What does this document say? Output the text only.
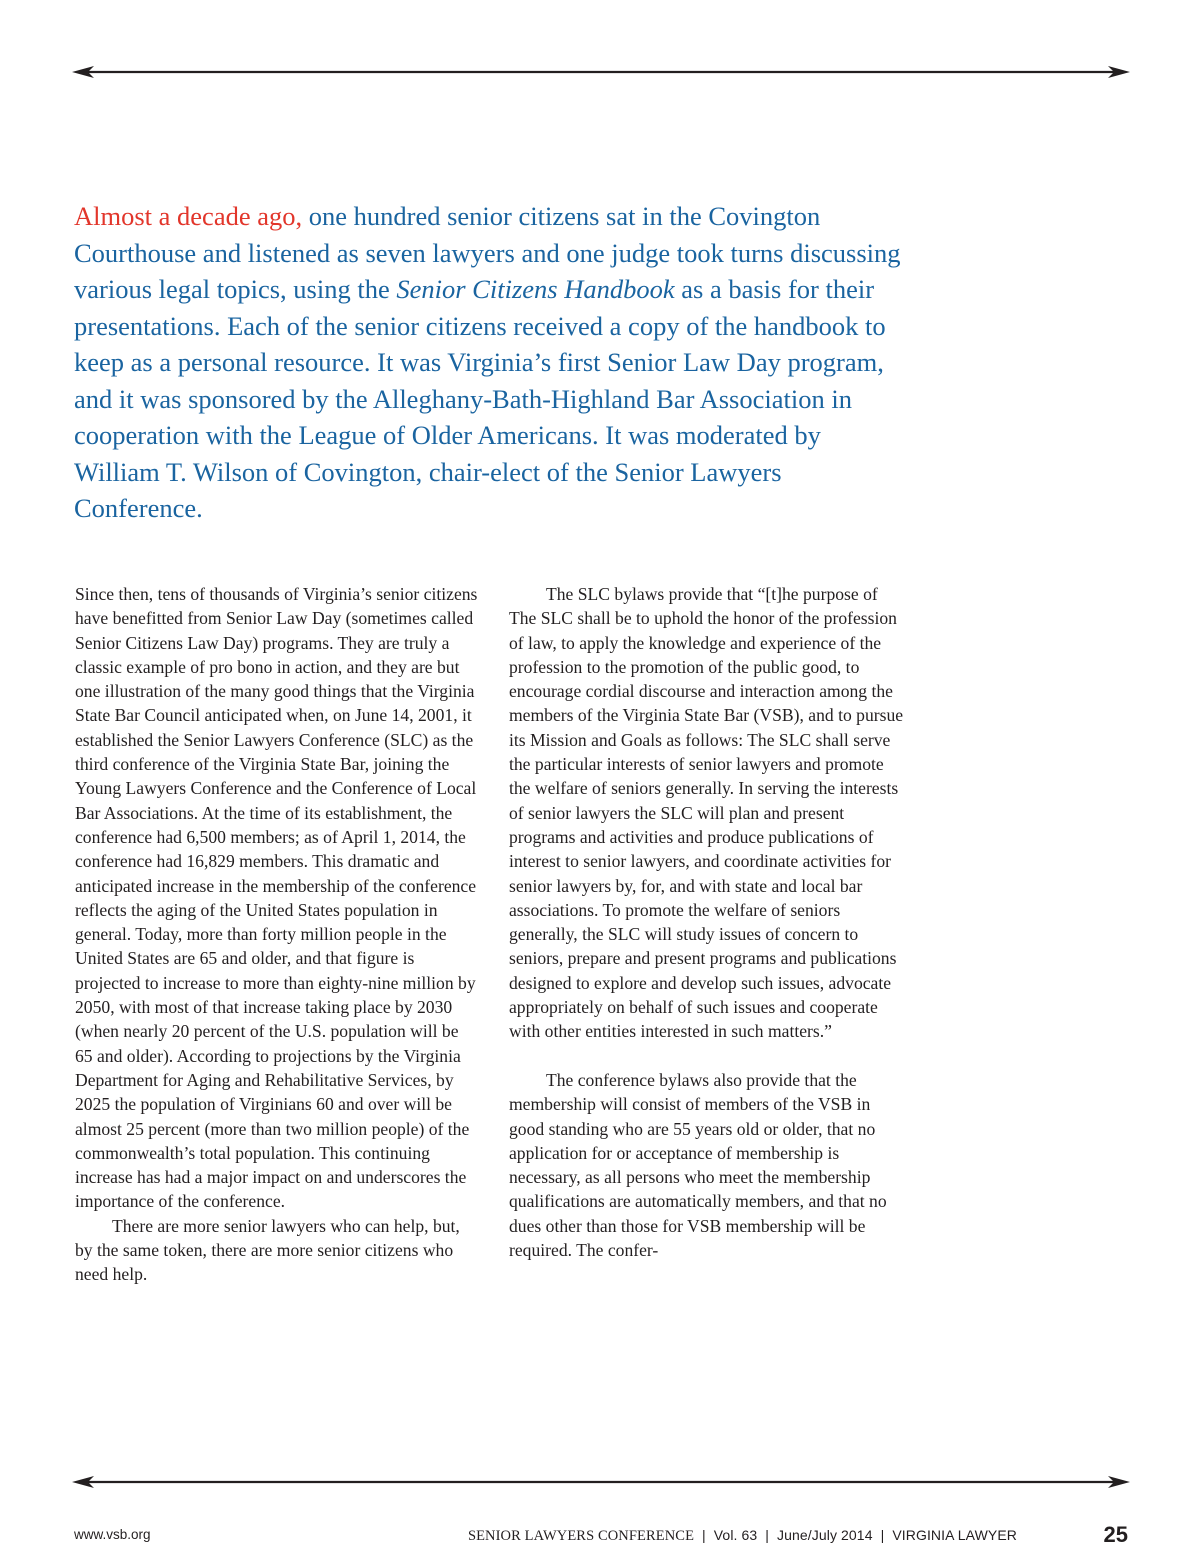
Almost a decade ago, one hundred senior citizens sat in the Covington Courthouse and listened as seven lawyers and one judge took turns discussing various legal topics, using the Senior Citizens Handbook as a basis for their presentations. Each of the senior citizens received a copy of the handbook to keep as a personal resource. It was Virginia’s first Senior Law Day program, and it was sponsored by the Alleghany-Bath-Highland Bar Association in cooperation with the League of Older Americans. It was moderated by William T. Wilson of Covington, chair-elect of the Senior Lawyers Conference.

Since then, tens of thousands of Virginia’s senior citizens have benefitted from Senior Law Day (sometimes called Senior Citizens Law Day) programs. They are truly a classic example of pro bono in action, and they are but one illustration of the many good things that the Virginia State Bar Council anticipated when, on June 14, 2001, it established the Senior Lawyers Conference (SLC) as the third conference of the Virginia State Bar, joining the Young Lawyers Conference and the Conference of Local Bar Associations. At the time of its establishment, the conference had 6,500 members; as of April 1, 2014, the conference had 16,829 members. This dramatic and anticipated increase in the membership of the conference reflects the aging of the United States population in general. Today, more than forty million people in the United States are 65 and older, and that figure is projected to increase to more than eighty-nine million by 2050, with most of that increase taking place by 2030 (when nearly 20 percent of the U.S. population will be 65 and older). According to projections by the Virginia Department for Aging and Rehabilitative Services, by 2025 the population of Virginians 60 and over will be almost 25 percent (more than two million people) of the commonwealth’s total population. This continuing increase has had a major impact on and underscores the importance of the conference.

There are more senior lawyers who can help, but, by the same token, there are more senior citizens who need help.

The SLC bylaws provide that “[t]he purpose of The SLC shall be to uphold the honor of the profession of law, to apply the knowledge and experience of the profession to the promotion of the public good, to encourage cordial discourse and interaction among the members of the Virginia State Bar (VSB), and to pursue its Mission and Goals as follows: The SLC shall serve the particular interests of senior lawyers and promote the welfare of seniors generally. In serving the interests of senior lawyers the SLC will plan and present programs and activities and produce publications of interest to senior lawyers, and coordinate activities for senior lawyers by, for, and with state and local bar associations. To promote the welfare of seniors generally, the SLC will study issues of concern to seniors, prepare and present programs and publications designed to explore and develop such issues, advocate appropriately on behalf of such issues and cooperate with other entities interested in such matters.”

The conference bylaws also provide that the membership will consist of members of the VSB in good standing who are 55 years old or older, that no application for or acceptance of membership is necessary, as all persons who meet the membership qualifications are automatically members, and that no dues other than those for VSB membership will be required. The confer-

www.vsb.org	SENIOR LAWYERS CONFERENCE | Vol. 63 | June/July 2014 | VIRGINIA LAWYER	25
